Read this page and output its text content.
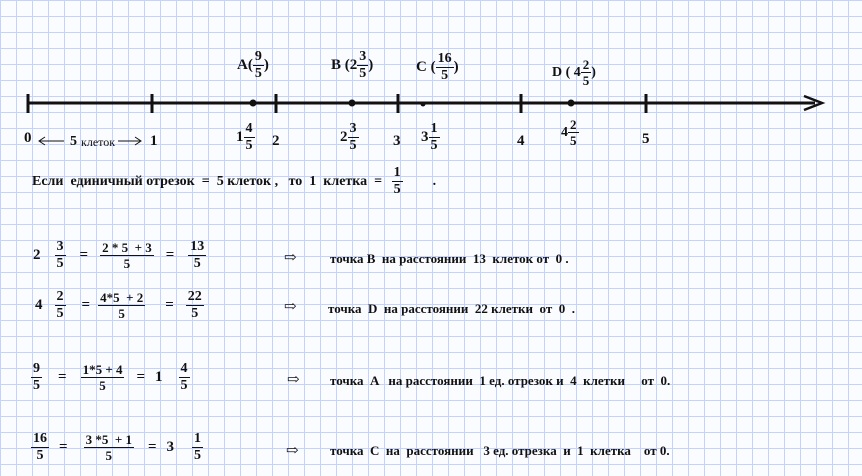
$A( \frac{9}{5}$ )	B ($2 \frac{3}{5}$ )	C ( $\frac{16}{5}$ )	D ( $4 \frac{2}{5}$ )
0	5
клеток 1	$1 \frac{4}{5} 2$	$2 \frac{3}{5} 3$ $3 \frac{1}{5}$	4
$4 \frac{2}{5}$	5
Если  единичный отрезок  =  5 клеток ,   то  1  клетка  =
$\frac{1}{5}$ .
$2 \frac{3}{5} = \frac{2 * 5 + 3}{5} = \frac{13}{5}$	⇨	точка B  на расстоянии  13  клеток от  0 .
$4 \frac{2}{5} = \frac{4*5 + 2}{5} = \frac{22}{5}$	⇨ точка  D  на расстоянии  22 клетки  от  0  .
$\frac{9}{5} = \frac{1*5 + 4}{5} = 1 \frac{4}{5}$	⇨ точка  A   на расстоянии  1 ед. отрезок и  4  клетки     от  0.
$\frac{16}{5} = \frac{3 *5 + 1}{5} = 3 \frac{1}{5}$	⇨ точка  C  на  расстоянии   3 ед. отрезка  и  1  клетка    от 0.
